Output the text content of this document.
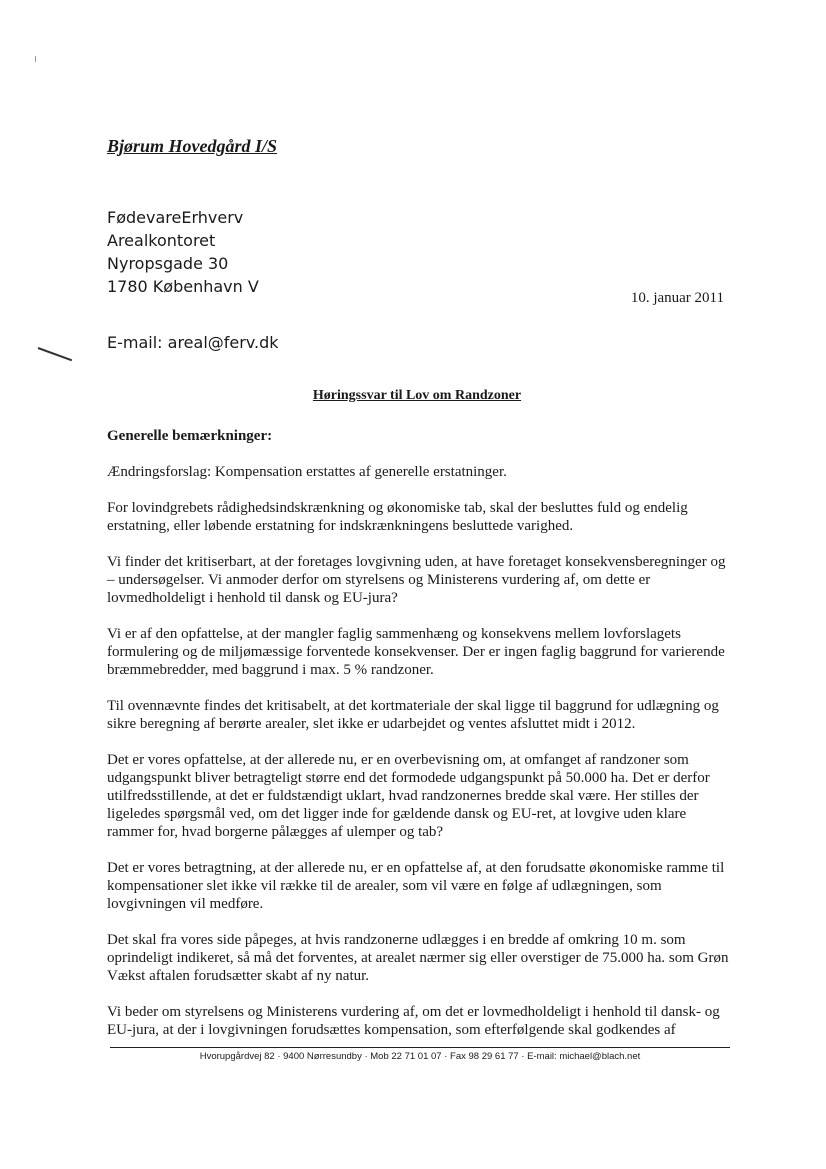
Bjørum Hovedgård I/S
FødevareErhverv
Arealkontoret
Nyropsgade 30
1780 København V
10. januar 2011
E-mail: areal@ferv.dk
Høringssvar til Lov om Randzoner
Generelle bemærkninger:

Ændringsforslag: Kompensation erstattes af generelle erstatninger.

For lovindgrebets rådighedsindskrænkning og økonomiske tab, skal der besluttes fuld og endelig erstatning, eller løbende erstatning for indskrænkningens besluttede varighed.

Vi finder det kritiserbart, at der foretages lovgivning uden, at have foretaget konsekvensberegninger og – undersøgelser. Vi anmoder derfor om styrelsens og Ministerens vurdering af, om dette er lovmedholdeligt i henhold til dansk og EU-jura?

Vi er af den opfattelse, at der mangler faglig sammenhæng og konsekvens mellem lovforslagets formulering og de miljømæssige forventede konsekvenser. Der er ingen faglig baggrund for varierende bræmmebredder, med baggrund i max. 5 % randzoner.

Til ovennævnte findes det kritisabelt, at det kortmateriale der skal ligge til baggrund for udlægning og sikre beregning af berørte arealer, slet ikke er udarbejdet og ventes afsluttet midt i 2012.

Det er vores opfattelse, at der allerede nu, er en overbevisning om, at omfanget af randzoner som udgangspunkt bliver betragteligt større end det formodede udgangspunkt på 50.000 ha. Det er derfor utilfredsstillende, at det er fuldstændigt uklart, hvad randzonernes bredde skal være. Her stilles der ligeledes spørgsmål ved, om det ligger inde for gældende dansk og EU-ret, at lovgive uden klare rammer for, hvad borgerne pålægges af ulemper og tab?

Det er vores betragtning, at der allerede nu, er en opfattelse af, at den forudsatte økonomiske ramme til kompensationer slet ikke vil række til de arealer, som vil være en følge af udlægningen, som lovgivningen vil medføre.

Det skal fra vores side påpeges, at hvis randzonerne udlægges i en bredde af omkring 10 m. som oprindeligt indikeret, så må det forventes, at arealet nærmer sig eller overstiger de 75.000 ha. som Grøn Vækst aftalen forudsætter skabt af ny natur.

Vi beder om styrelsens og Ministerens vurdering af, om det er lovmedholdeligt i henhold til dansk- og EU-jura, at der i lovgivningen forudsættes kompensation, som efterfølgende skal godkendes af

Hvorupgårdvej 82 · 9400 Nørresundby · Mob 22 71 01 07 · Fax 98 29 61 77 · E-mail: michael@blach.net
